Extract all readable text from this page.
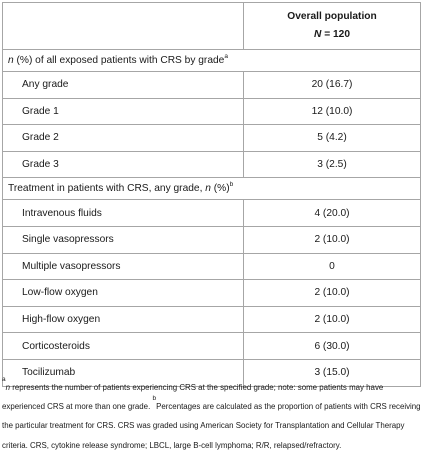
	Overall population
N = 120

n (%) of all exposed patients with CRS by grade$^a$
Any grade	20 (16.7)
Grade 1	12 (10.0)
Grade 2	5 (4.2)
Grade 3	3 (2.5)
Treatment in patients with CRS, any grade, n (%)$^b$
Intravenous fluids	4 (20.0)
Single vasopressors	2 (10.0)
Multiple vasopressors	0
Low-flow oxygen	2 (10.0)
High-flow oxygen	2 (10.0)
Corticosteroids	6 (30.0)
Tocilizumab	3 (15.0)
$^a$n represents the number of patients experiencing CRS at the specified grade; note: some patients may have experienced CRS at more than one grade. $^b$Percentages are calculated as the proportion of patients with CRS receiving the particular treatment for CRS. CRS was graded using American Society for Transplantation and Cellular Therapy criteria. CRS, cytokine release syndrome; LBCL, large B-cell lymphoma; R/R, relapsed/refractory.
